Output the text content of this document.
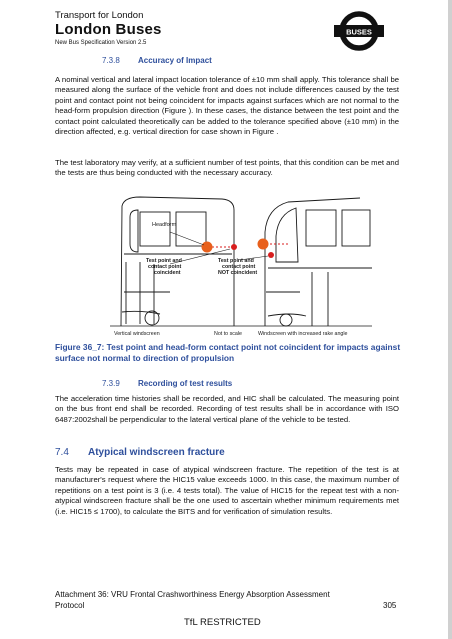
Transport for London
London Buses
New Bus Specification Version 2.5
BUSES
7.3.8 Accuracy of Impact

A nominal vertical and lateral impact location tolerance of ±10 mm shall apply. This tolerance shall be measured along the surface of the vehicle front and does not include differences caused by the test point and contact point not being coincident for impacts against surfaces which are not normal to the head-form propulsion direction (Figure ). In these cases, the distance between the test point and the contact point calculated theoretically can be added to the tolerance specified above (±10 mm) in the direction affected, e.g. vertical direction for case shown in Figure .

The test laboratory may verify, at a sufficient number of test points, that this condition can be met and the tests are thus being conducted with the necessary accuracy.

Headform
Test point and
contact point
coincident
Test point and
contact point
NOT coincident
Vertical windscreen	Not to scale	Windscreen with increased rake angle

Figure 36_7: Test point and head-form contact point not coincident for impacts against surface not normal to direction of propulsion

7.3.9 Recording of test results

The acceleration time histories shall be recorded, and HIC shall be calculated. The measuring point on the bus front end shall be recorded. Recording of test results shall be in accordance with ISO 6487:2002shall be perpendicular to the lateral vertical plane of the vehicle to be tested.

7.4 Atypical windscreen fracture

Tests may be repeated in case of atypical windscreen fracture. The repetition of the test is at manufacturer's request where the HIC15 value exceeds 1000. In this case, the maximum number of repetitions on a test point is 3 (i.e. 4 tests total). The value of HIC15 for the repeat test with a non-atypical windscreen fracture shall be the one used to ascertain whether minimum requirements met (i.e. HIC15 ≤ 1700), to calculate the BITS and for verification of simulation results.

Attachment 36: VRU Frontal Crashworthiness Energy Absorption Assessment
Protocol	305
TfL RESTRICTED
